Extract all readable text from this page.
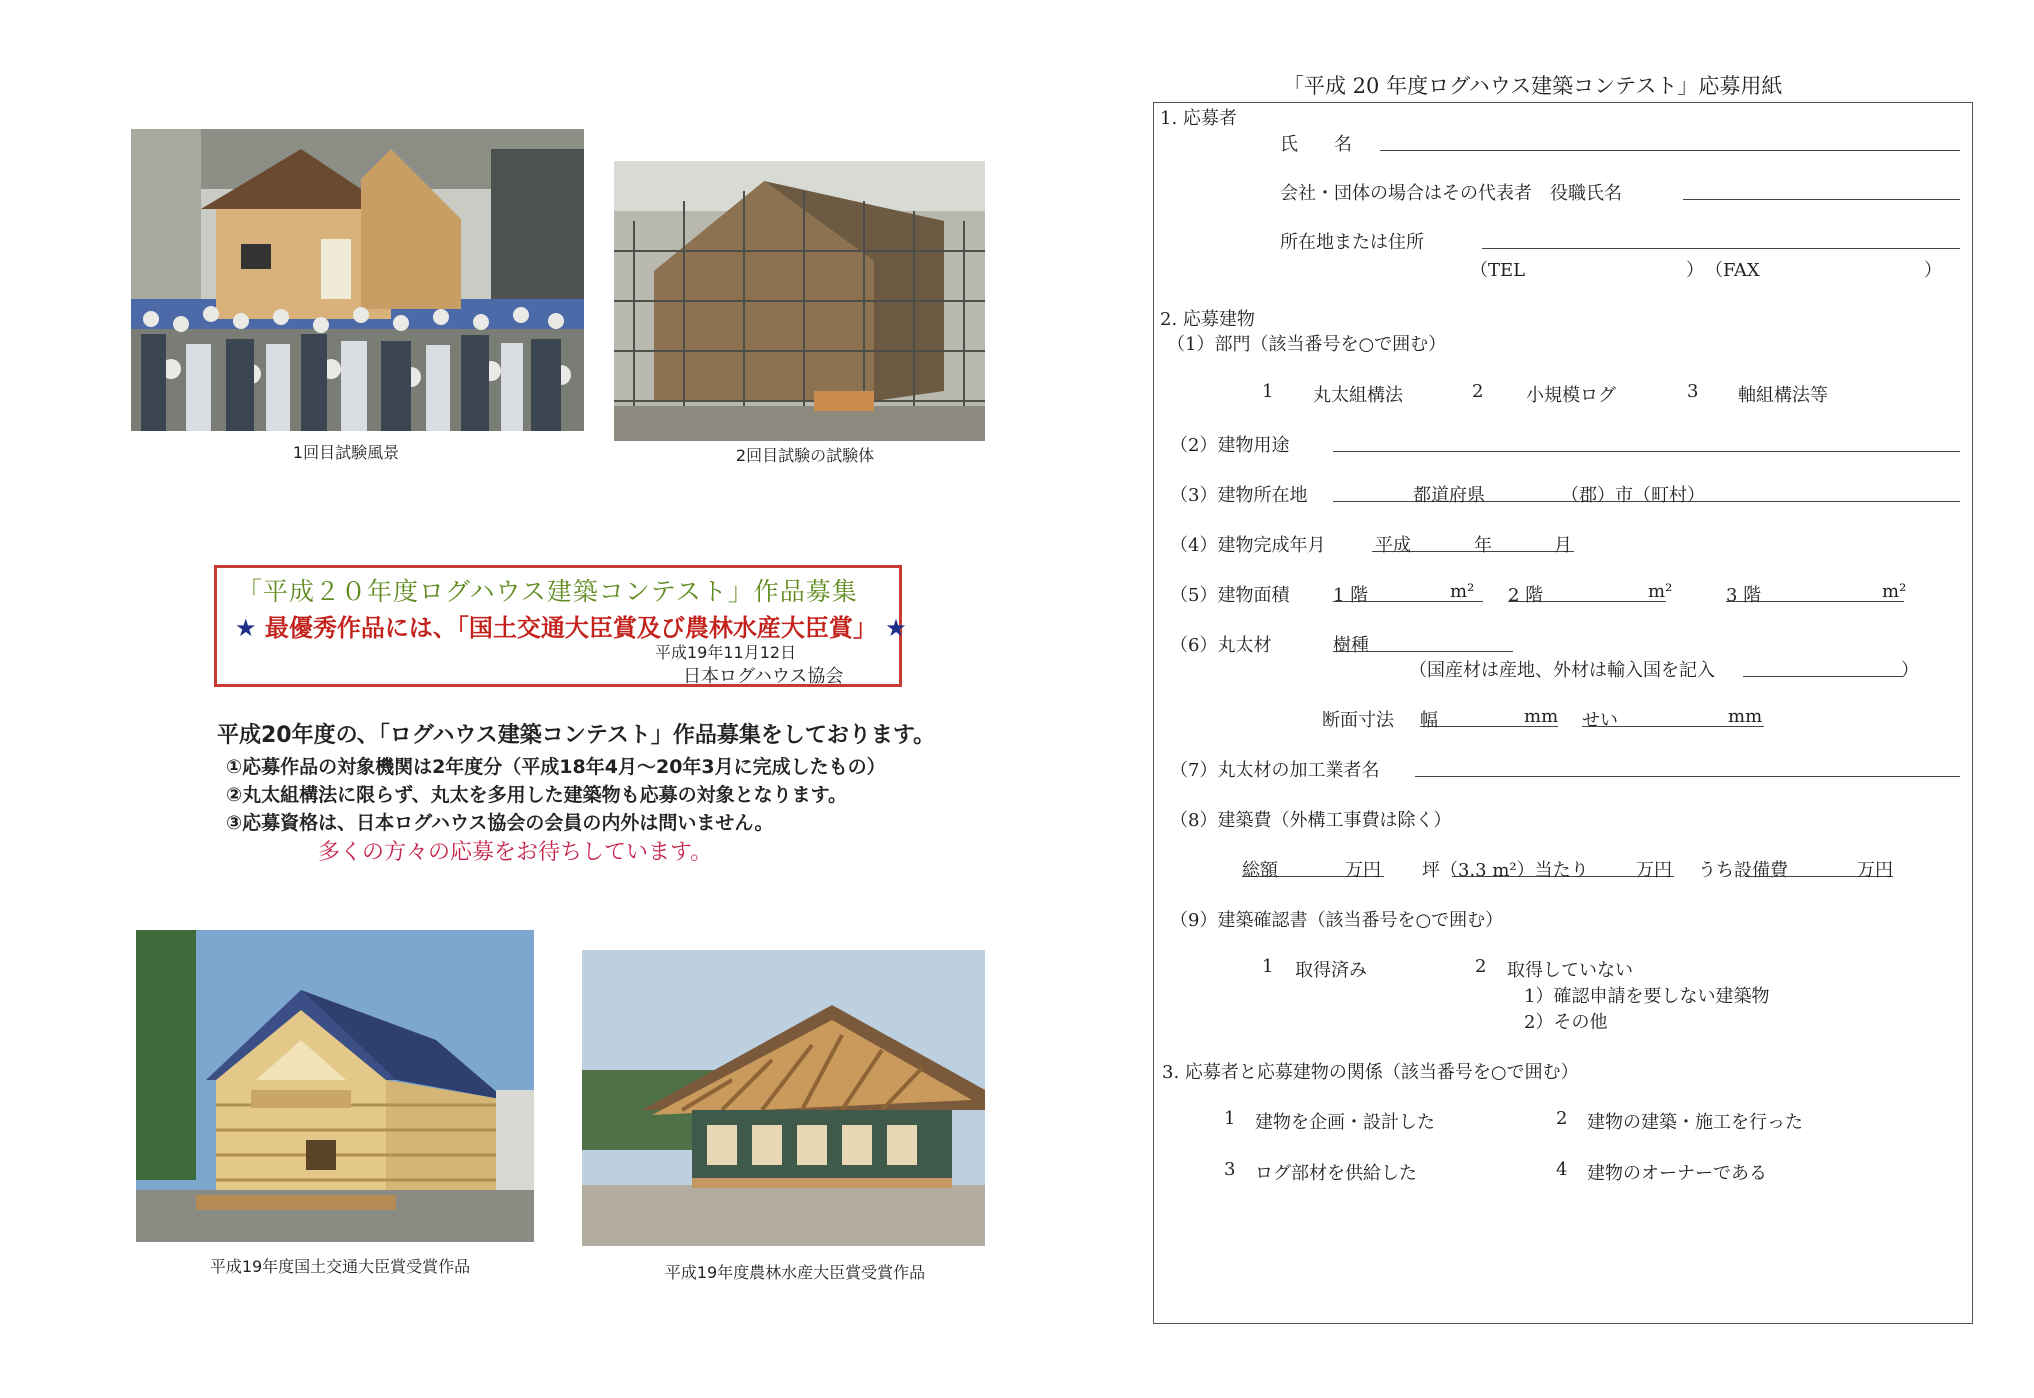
1回目試験風景	2回目試験の試験体
「平成２０年度ログハウス建築コンテスト」作品募集
★ 最優秀作品には、「国土交通大臣賞及び農林水産大臣賞」 ★
平成19年11月12日
日本ログハウス協会
平成20年度の、「ログハウス建築コンテスト」作品募集をしております。
①応募作品の対象機関は2年度分（平成18年4月～20年3月に完成したもの）
②丸太組構法に限らず、丸太を多用した建築物も応募の対象となります。
③応募資格は、日本ログハウス協会の会員の内外は問いません。
多くの方々の応募をお待ちしています。
平成19年度国土交通大臣賞受賞作品	平成19年度農林水産大臣賞受賞作品
「平成 20 年度ログハウス建築コンテスト」応募用紙
1. 応募者
氏　　名
会社・団体の場合はその代表者　役職氏名
所在地または住所
（TEL	） （FAX	）
2. 応募建物
（1）部門（該当番号を○で囲む）
1 丸太組構法	2 小規模ログ	3 軸組構法等
（2）建物用途
（3）建物所在地	都道府県	（郡）市（町村）
（4）建物完成年月	平成	年	月
（5）建物面積 1 階	m² 2 階	m²	3 階	m²
（6）丸太材	樹種
（国産材は産地、外材は輸入国を記入	）
断面寸法 幅	mm せい	mm
（7）丸太材の加工業者名
（8）建築費（外構工事費は除く）
総額	万円 坪（3.3 m²）当たり	万円 うち設備費	万円
（9）建築確認書（該当番号を○で囲む）
1 取得済み	2 取得していない
1）確認申請を要しない建築物
2）その他
3. 応募者と応募建物の関係（該当番号を○で囲む）
1 建物を企画・設計した	2 建物の建築・施工を行った
3 ログ部材を供給した	4 建物のオーナーである
